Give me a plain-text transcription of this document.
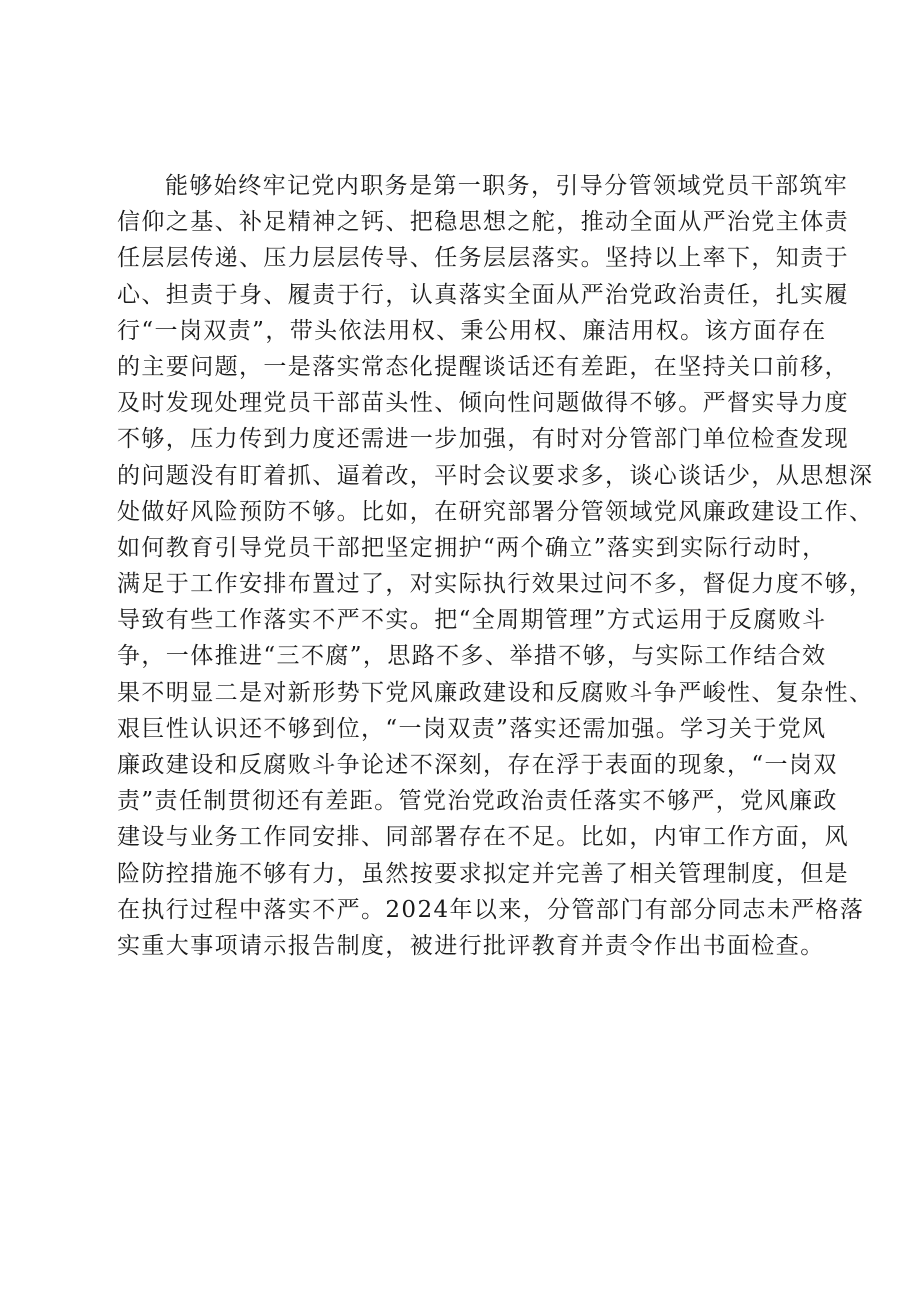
能够始终牢记党内职务是第一职务，引导分管领域党员干部筑牢
信仰之基、补足精神之钙、把稳思想之舵，推动全面从严治党主体责
任层层传递、压力层层传导、任务层层落实。坚持以上率下，知责于
心、担责于身、履责于行，认真落实全面从严治党政治责任，扎实履
行“一岗双责”，带头依法用权、秉公用权、廉洁用权。该方面存在
的主要问题，一是落实常态化提醒谈话还有差距，在坚持关口前移，
及时发现处理党员干部苗头性、倾向性问题做得不够。严督实导力度
不够，压力传到力度还需进一步加强，有时对分管部门单位检查发现
的问题没有盯着抓、逼着改，平时会议要求多，谈心谈话少，从思想深
处做好风险预防不够。比如，在研究部署分管领域党风廉政建设工作、
如何教育引导党员干部把坚定拥护“两个确立”落实到实际行动时，
满足于工作安排布置过了，对实际执行效果过问不多，督促力度不够，
导致有些工作落实不严不实。把“全周期管理”方式运用于反腐败斗
争，一体推进“三不腐”，思路不多、举措不够，与实际工作结合效
果不明显二是对新形势下党风廉政建设和反腐败斗争严峻性、复杂性、
艰巨性认识还不够到位，“一岗双责”落实还需加强。学习关于党风
廉政建设和反腐败斗争论述不深刻，存在浮于表面的现象，“一岗双
责”责任制贯彻还有差距。管党治党政治责任落实不够严，党风廉政
建设与业务工作同安排、同部署存在不足。比如，内审工作方面，风
险防控措施不够有力，虽然按要求拟定并完善了相关管理制度，但是
在执行过程中落实不严。2024年以来，分管部门有部分同志未严格落
实重大事项请示报告制度，被进行批评教育并责令作出书面检查。
